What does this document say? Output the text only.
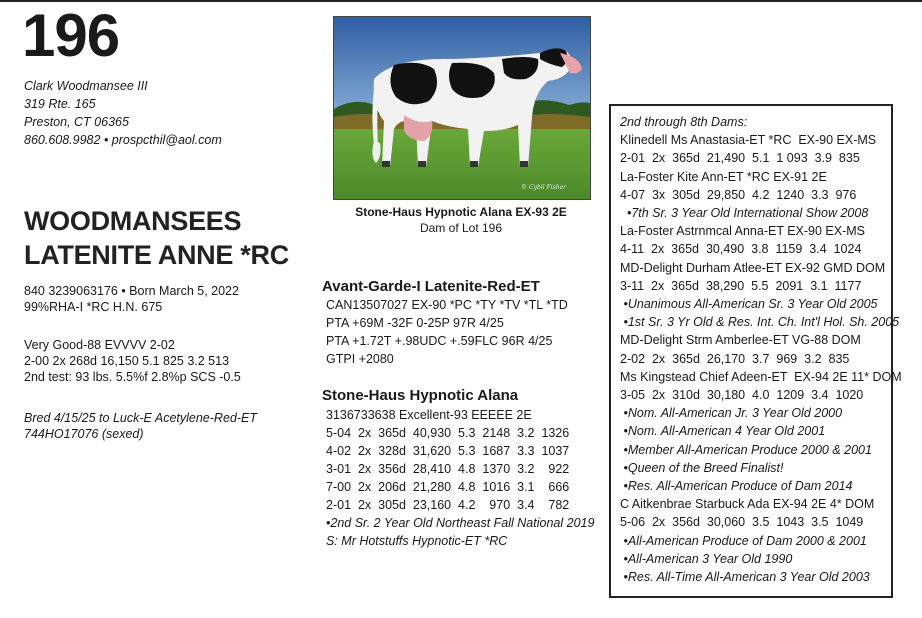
196
Clark Woodmansee III
319 Rte. 165
Preston, CT 06365
860.608.9982 • prospcthil@aol.com
WOODMANSEES
LATENITE ANNE *RC
840 3239063176 • Born March 5, 2022
99%RHA-I *RC H.N. 675
Very Good-88 EVVVV 2-02
2-00 2x 268d 16,150 5.1 825 3.2 513
2nd test: 93 lbs. 5.5%f 2.8%p SCS -0.5
Bred 4/15/25 to Luck-E Acetylene-Red-ET
744HO17076 (sexed)
© Cybil Fisher
Stone-Haus Hypnotic Alana EX-93 2E
Dam of Lot 196
Avant-Garde-I Latenite-Red-ET
CAN13507027 EX-90 *PC *TY *TV *TL *TD
PTA +69M -32F 0-25P 97R 4/25
PTA +1.72T +.98UDC +.59FLC 96R 4/25
GTPI +2080
Stone-Haus Hypnotic Alana
3136733638 Excellent-93 EEEEE 2E
5-04  2x  365d  40,930  5.3  2148  3.2  1326
4-02  2x  328d  31,620  5.3  1687  3.3  1037
3-01  2x  356d  28,410  4.8  1370  3.2    922
7-00  2x  206d  21,280  4.8  1016  3.1    666
2-01  2x  305d  23,160  4.2    970  3.4    782
•2nd Sr. 2 Year Old Northeast Fall National 2019
S: Mr Hotstuffs Hypnotic-ET *RC
2nd through 8th Dams:
Klinedell Ms Anastasia-ET *RC  EX-90 EX-MS
2-01  2x  365d  21,490  5.1  1 093  3.9  835
La-Foster Kite Ann-ET *RC EX-91 2E
4-07  3x  305d  29,850  4.2  1240  3.3  976
•7th Sr. 3 Year Old International Show 2008
La-Foster Astrnmcal Anna-ET EX-90 EX-MS
4-11  2x  365d  30,490  3.8  1159  3.4  1024
MD-Delight Durham Atlee-ET EX-92 GMD DOM
3-11  2x  365d  38,290  5.5  2091  3.1  1177
•Unanimous All-American Sr. 3 Year Old 2005
•1st Sr. 3 Yr Old & Res. Int. Ch. Int'l Hol. Sh. 2005
MD-Delight Strm Amberlee-ET VG-88 DOM
2-02  2x  365d  26,170  3.7  969  3.2  835
Ms Kingstead Chief Adeen-ET  EX-94 2E 11* DOM
3-05  2x  310d  30,180  4.0  1209  3.4  1020
•Nom. All-American Jr. 3 Year Old 2000
•Nom. All-American 4 Year Old 2001
•Member All-American Produce 2000 & 2001
•Queen of the Breed Finalist!
•Res. All-American Produce of Dam 2014
C Aitkenbrae Starbuck Ada EX-94 2E 4* DOM
5-06  2x  356d  30,060  3.5  1043  3.5  1049
•All-American Produce of Dam 2000 & 2001
•All-American 3 Year Old 1990
•Res. All-Time All-American 3 Year Old 2003
